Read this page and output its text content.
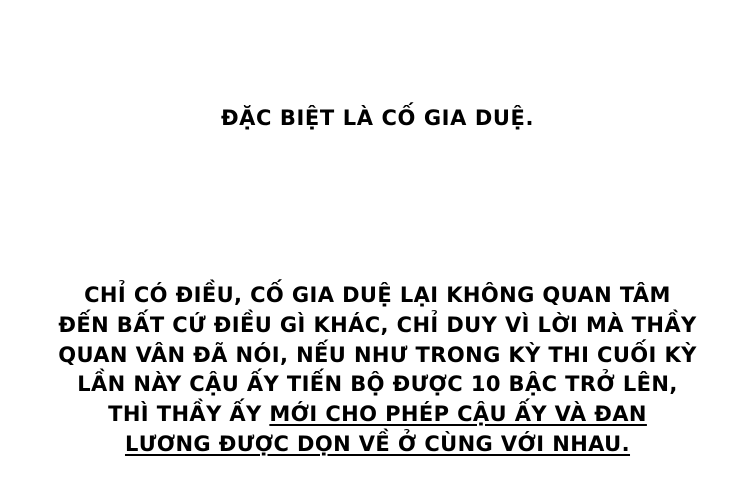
ĐẶC BIỆT LÀ CỐ GIA DUỆ.
CHỈ CÓ ĐIỀU, CỐ GIA DUỆ LẠI KHÔNG QUAN TÂM
ĐẾN BẤT CỨ ĐIỀU GÌ KHÁC, CHỈ DUY VÌ LỜI MÀ THẦY
QUAN VÂN ĐÃ NÓI, NẾU NHƯ TRONG KỲ THI CUỐI KỲ
LẦN NÀY CẬU ẤY TIẾN BỘ ĐƯỢC 10 BẬC TRỞ LÊN,
THÌ THẦY ẤY MỚI CHO PHÉP CẬU ẤY VÀ ĐAN
LƯƠNG ĐƯỢC DỌN VỀ Ở CÙNG VỚI NHAU.
